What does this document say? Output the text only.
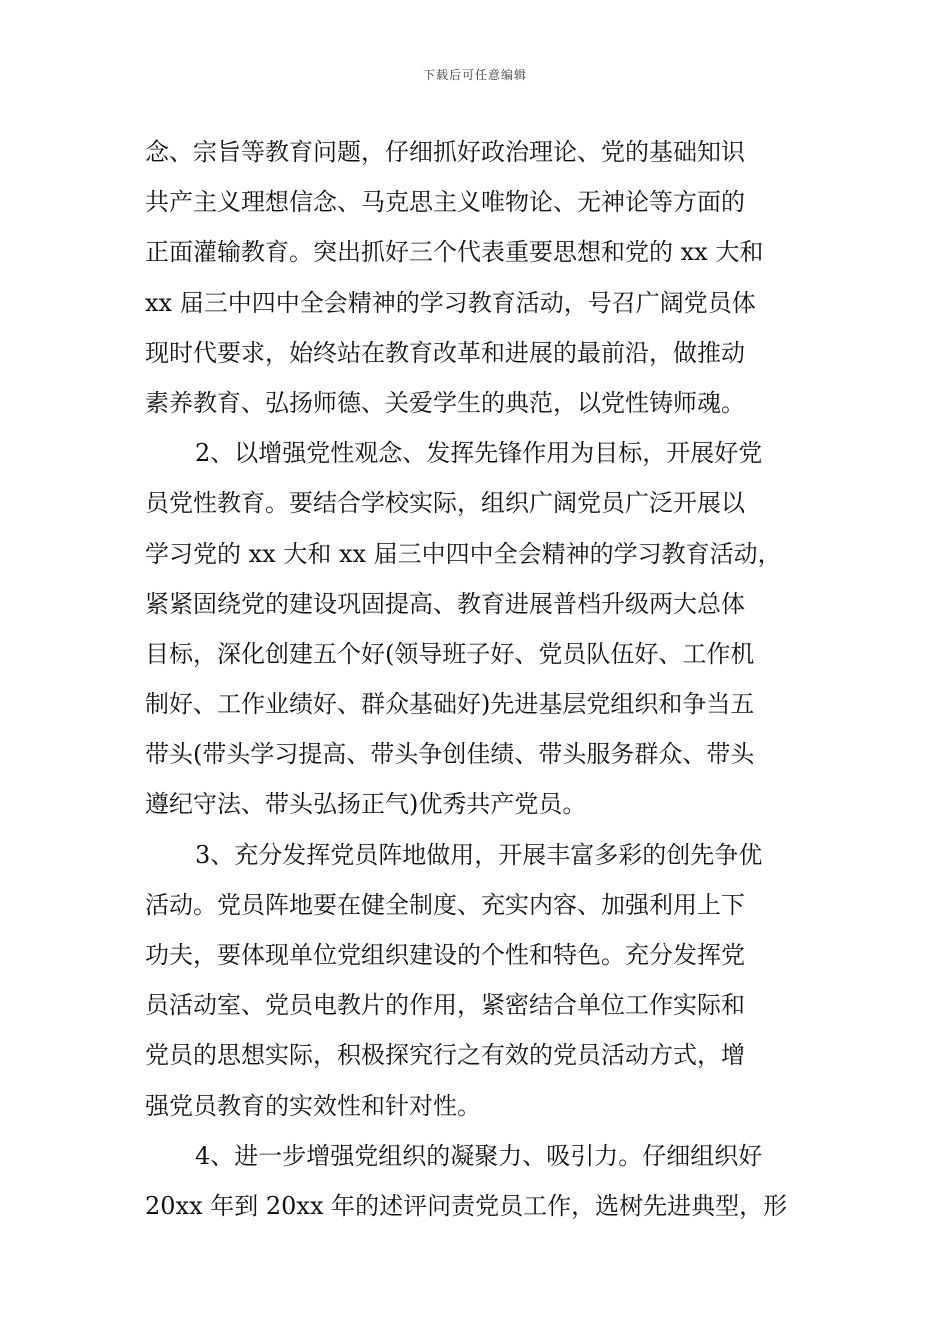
下载后可任意编辑
念、宗旨等教育问题，仔细抓好政治理论、党的基础知识
共产主义理想信念、马克思主义唯物论、无神论等方面的
正面灌输教育。突出抓好三个代表重要思想和党的 xx 大和
xx 届三中四中全会精神的学习教育活动，号召广阔党员体
现时代要求，始终站在教育改革和进展的最前沿，做推动
素养教育、弘扬师德、关爱学生的典范，以党性铸师魂。
2、以增强党性观念、发挥先锋作用为目标，开展好党
员党性教育。要结合学校实际，组织广阔党员广泛开展以
学习党的 xx 大和 xx 届三中四中全会精神的学习教育活动，
紧紧固绕党的建设巩固提高、教育进展普档升级两大总体
目标，深化创建五个好(领导班子好、党员队伍好、工作机
制好、工作业绩好、群众基础好)先进基层党组织和争当五
带头(带头学习提高、带头争创佳绩、带头服务群众、带头
遵纪守法、带头弘扬正气)优秀共产党员。
3、充分发挥党员阵地做用，开展丰富多彩的创先争优
活动。党员阵地要在健全制度、充实内容、加强利用上下
功夫，要体现单位党组织建设的个性和特色。充分发挥党
员活动室、党员电教片的作用，紧密结合单位工作实际和
党员的思想实际，积极探究行之有效的党员活动方式，增
强党员教育的实效性和针对性。
4、进一步增强党组织的凝聚力、吸引力。仔细组织好
20xx 年到 20xx 年的述评问责党员工作，选树先进典型，形
